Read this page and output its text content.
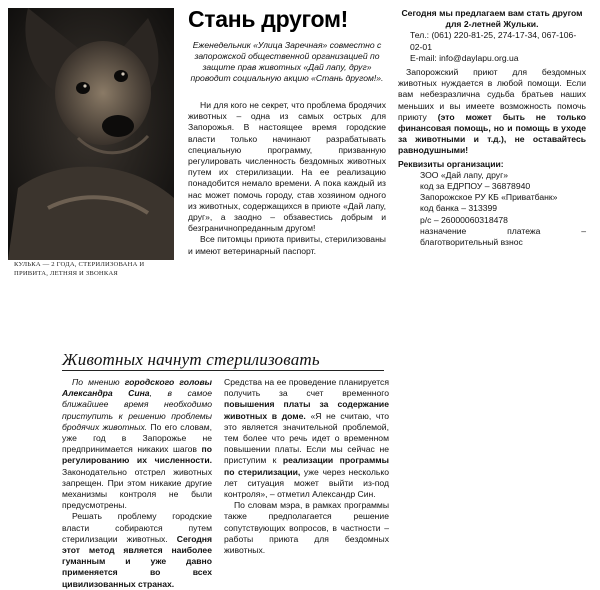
КУЛЬКА — 2 ГОДА, СТЕРИЛИЗОВАНА И ПРИВИТА, ЛЕТНЯЯ И ЗВОНКАЯ
Стань другом!
Еженедельник «Улица Заречная» совместно с запорожской общественной организацией по защите прав животных «Дай лапу, друг» проводит социальную акцию «Стань другом!».

Ни для кого не секрет, что проблема бродячих животных – одна из самых острых для Запорожья. В настоящее время городские власти только начинают разрабатывать специальную программу, призванную регулировать численность бездомных животных путем их стерилизации. На ее реализацию понадобится немало времени. А пока каждый из нас может помочь городу, став хозяином одного из животных, содержащихся в приюте «Дай лапу, друг», а заодно – обзавестись добрым и безграничнопреданным другом!

Все питомцы приюта привиты, стерилизованы и имеют ветеринарный паспорт.

Сегодня мы предлагаем вам стать другом для 2-летней Жульки.

Тел.: (061) 220-81-25, 274-17-34, 067-106-02-01

E-mail: info@daylapu.org.ua

Запорожский приют для бездомных животных нуждается в любой помощи. Если вам небезразлична судьба братьев наших меньших и вы имеете возможность помочь приюту (это может быть не только финансовая помощь, но и помощь в уходе за животными и т.д.), не оставайтесь равнодушными!

Реквизиты организации:

ЗОО «Дай лапу, друг»

код за ЕДРПОУ – 36878940

Запорожское РУ КБ «Приватбанк»

код банка – 313399

р/с – 26000060318478

назначение платежа – благотворительный взнос

Животных начнут стерилизовать

По мнению городского головы Александра Сина, в самое ближайшее время необходимо приступить к решению проблемы бродячих животных. По его словам, уже год в Запорожье не предпринимается никаких шагов по регулированию их численности. Законодательно отстрел животных запрещен. При этом никакие другие механизмы контроля не были предусмотрены.

Решать проблему городские власти собираются путем стерилизации животных. Сегодня этот метод является наиболее гуманным и уже давно применяется во всех цивилизованных странах.

Средства на ее проведение планируется получить за счет временного повышения платы за содержание животных в доме. «Я не считаю, что это является значительной проблемой, тем более что речь идет о временном повышении платы. Если мы сейчас не приступим к реализации программы по стерилизации, уже через несколько лет ситуация может выйти из-под контроля», – отметил Александр Син.

По словам мэра, в рамках программы также предполагается решение сопутствующих вопросов, в частности – работы приюта для бездомных животных.
